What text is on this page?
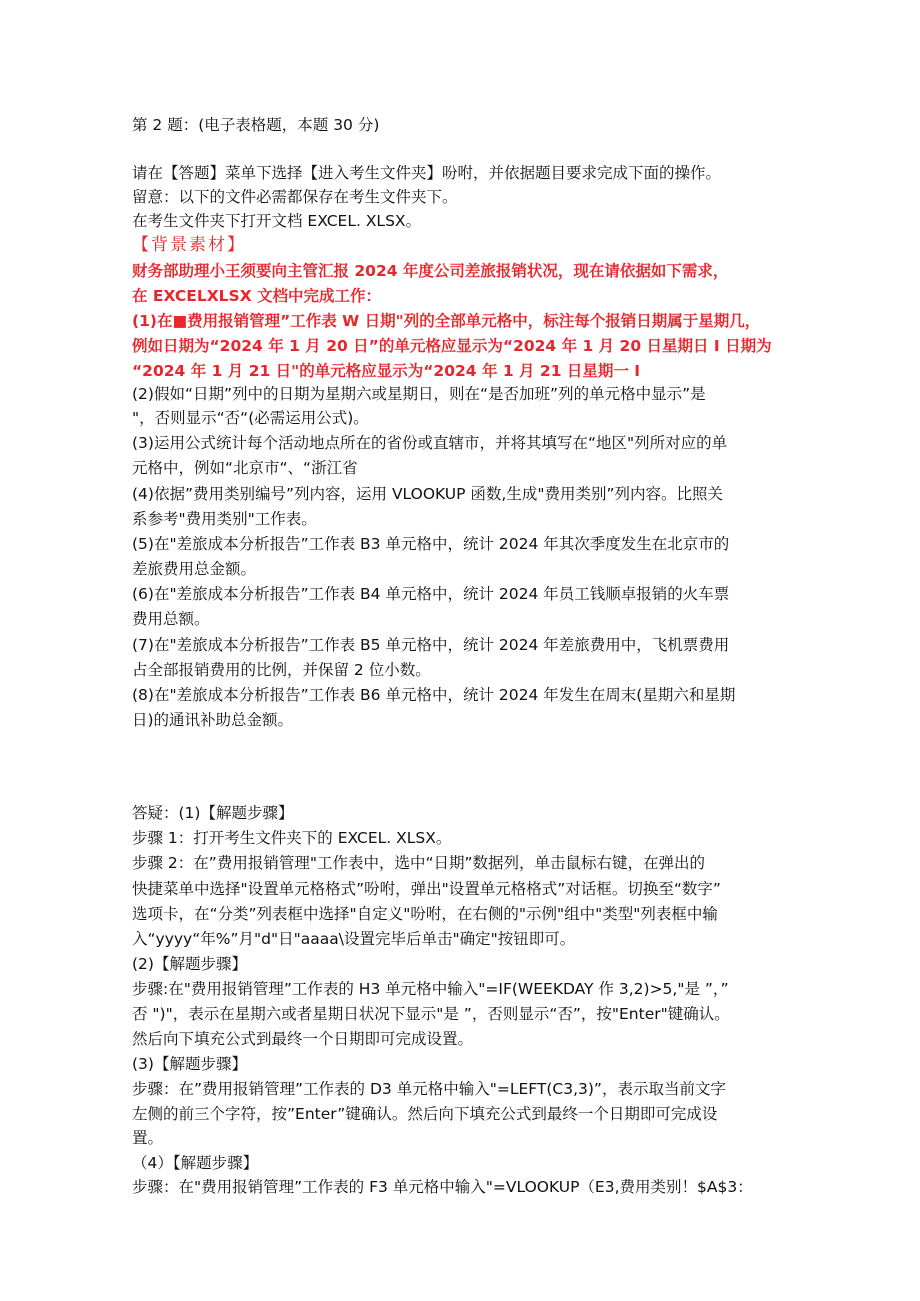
第 2 题：(电子表格题，本题 30 分)
请在【答题】菜单下选择【进入考生文件夹】吩咐，并依据题目要求完成下面的操作。
留意：以下的文件必需都保存在考生文件夹下。
在考生文件夹下打开文档 EXCEL. XLSX。
【背景素材】
财务部助理小王须要向主管汇报 2024 年度公司差旅报销状况，现在请依据如下需求，
在 EXCELXLSX 文档中完成工作：
(1)在■费用报销管理”工作表 W 日期"列的全部单元格中，标注每个报销日期属于星期几，
例如日期为“2024 年 1 月 20 日”的单元格应显示为“2024 年 1 月 20 日星期日 I 日期为
“2024 年 1 月 21 日"的单元格应显示为“2024 年 1 月 21 日星期一 I
(2)假如“日期”列中的日期为星期六或星期日，则在“是否加班”列的单元格中显示”是
"，否则显示“否“(必需运用公式)。
(3)运用公式统计每个活动地点所在的省份或直辖市，并将其填写在“地区"列所对应的单
元格中，例如“北京市“、“浙江省
(4)依据”费用类别编号”列内容，运用 VLOOKUP 函数,生成"费用类别”列内容。比照关
系参考"费用类别"工作表。
(5)在"差旅成本分析报告”工作表 B3 单元格中，统计 2024 年其次季度发生在北京市的
差旅费用总金额。
(6)在"差旅成本分析报告”工作表 B4 单元格中，统计 2024 年员工钱顺卓报销的火车票
费用总额。
(7)在"差旅成本分析报告”工作表 B5 单元格中，统计 2024 年差旅费用中，飞机票费用
占全部报销费用的比例，并保留 2 位小数。
(8)在"差旅成本分析报告”工作表 B6 单元格中，统计 2024 年发生在周末(星期六和星期
日)的通讯补助总金额。
答疑：(1)【解题步骤】
步骤 1：打开考生文件夹下的 EXCEL. XLSX。
步骤 2：在”费用报销管理"工作表中，选中“日期”数据列，单击鼠标右键，在弹出的
快捷菜单中选择"设置单元格格式”吩咐，弹出"设置单元格格式”对话框。切换至“数字”
选项卡，在“分类”列表框中选择"自定义"吩咐，在右侧的"示例"组中"类型"列表框中输
入“yyyy“年%”月"d"日"aaaa\设置完毕后单击"确定"按钮即可。
(2)【解题步骤】
步骤:在"费用报销管理”工作表的 H3 单元格中输入"=IF(WEEKDAY 作 3,2)>5,"是 ”，”
否 ")"，表示在星期六或者星期日状况下显示"是 ”，否则显示“否”，按"Enter"键确认。
然后向下填充公式到最终一个日期即可完成设置。
(3)【解题步骤】
步骤：在”费用报销管理”工作表的 D3 单元格中输入"=LEFT(C3,3)”，表示取当前文字
左侧的前三个字符，按”Enter”键确认。然后向下填充公式到最终一个日期即可完成设
置。
（4）【解题步骤】
步骤：在"费用报销管理”工作表的 F3 单元格中输入"=VLOOKUP（E3,费用类别！$A$3：
